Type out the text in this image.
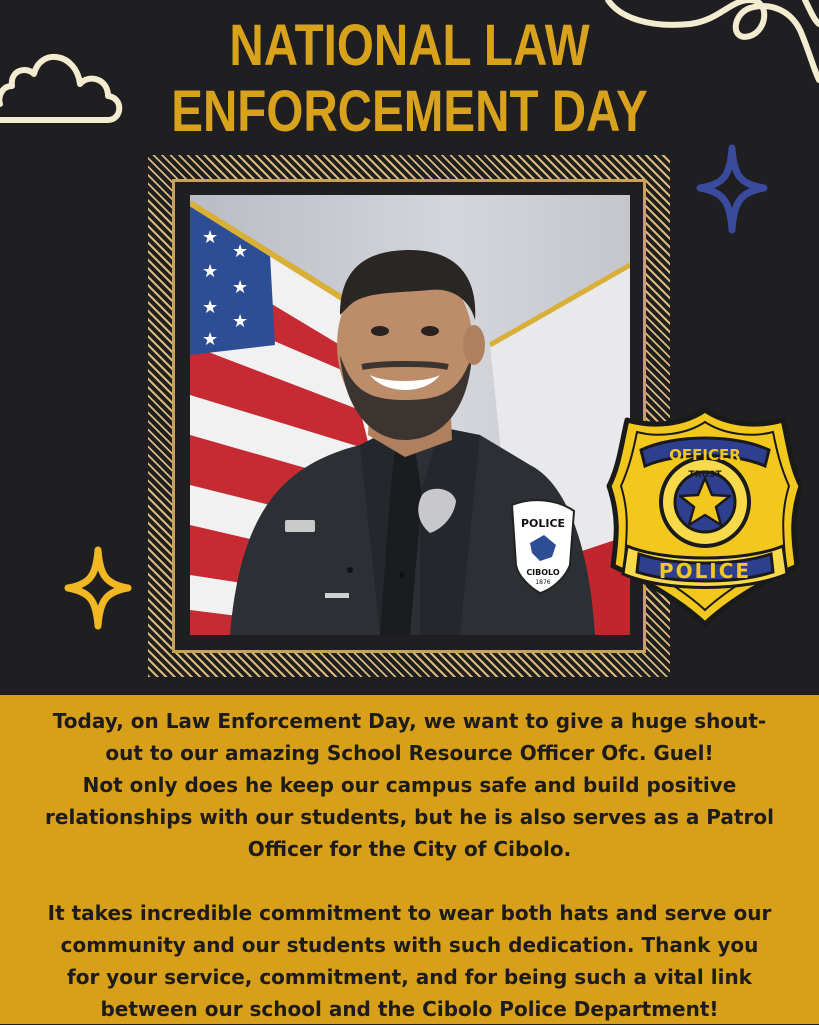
NATIONAL LAW
ENFORCEMENT DAY
★
★
★
★
★
★
★
POLICE
CIBOLO
1876
OFFICER
TRUST
POLICE

Today, on Law Enforcement Day, we want to give a huge shout-
out to our amazing School Resource Officer Ofc. Guel!
Not only does he keep our campus safe and build positive
relationships with our students, but he is also serves as a Patrol
Officer for the City of Cibolo.

It takes incredible commitment to wear both hats and serve our
community and our students with such dedication. Thank you
for your service, commitment, and for being such a vital link
between our school and the Cibolo Police Department!
